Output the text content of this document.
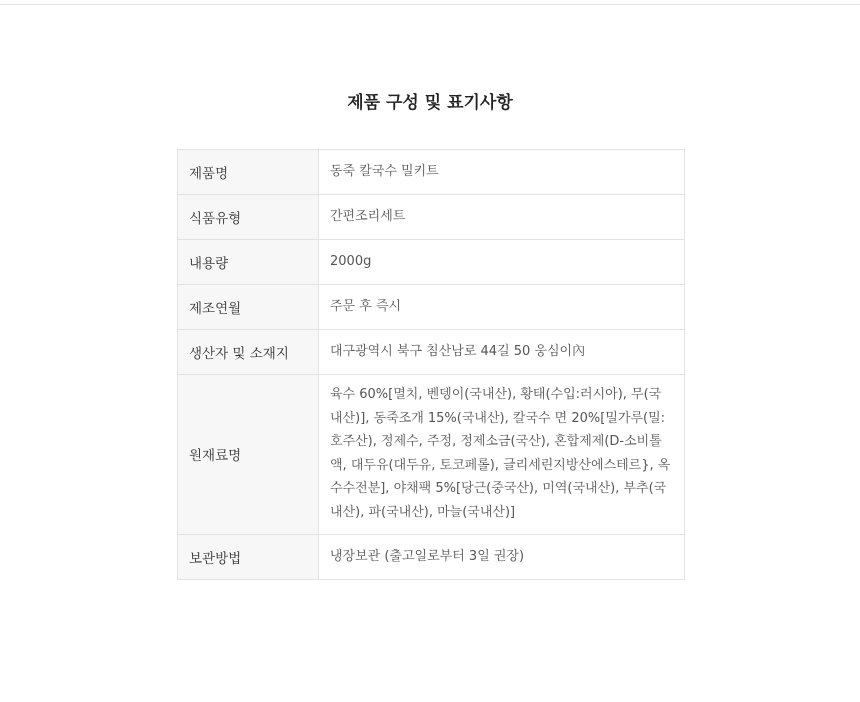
제품 구성 및 표기사항
제품명	동죽 칼국수 밀키트
식품유형	간편조리세트
내용량	2000g
제조연월	주문 후 즉시
생산자 및 소재지	대구광역시 북구 침산남로 44길 50 웅심이內
원재료명	육수 60%[멸치, 벤뎅이(국내산), 황태(수입:러시아), 무(국내산)], 동죽조개 15%(국내산), 칼국수 면 20%[밀가루(밀:호주산), 정제수, 주정, 정제소금(국산), 혼합제제(D-소비톨액, 대두유(대두유, 토코페롤), 글리세린지방산에스테르}, 옥수수전분], 야채팩 5%[당근(중국산), 미역(국내산), 부추(국내산), 파(국내산), 마늘(국내산)]
보관방법	냉장보관 (출고일로부터 3일 권장)
